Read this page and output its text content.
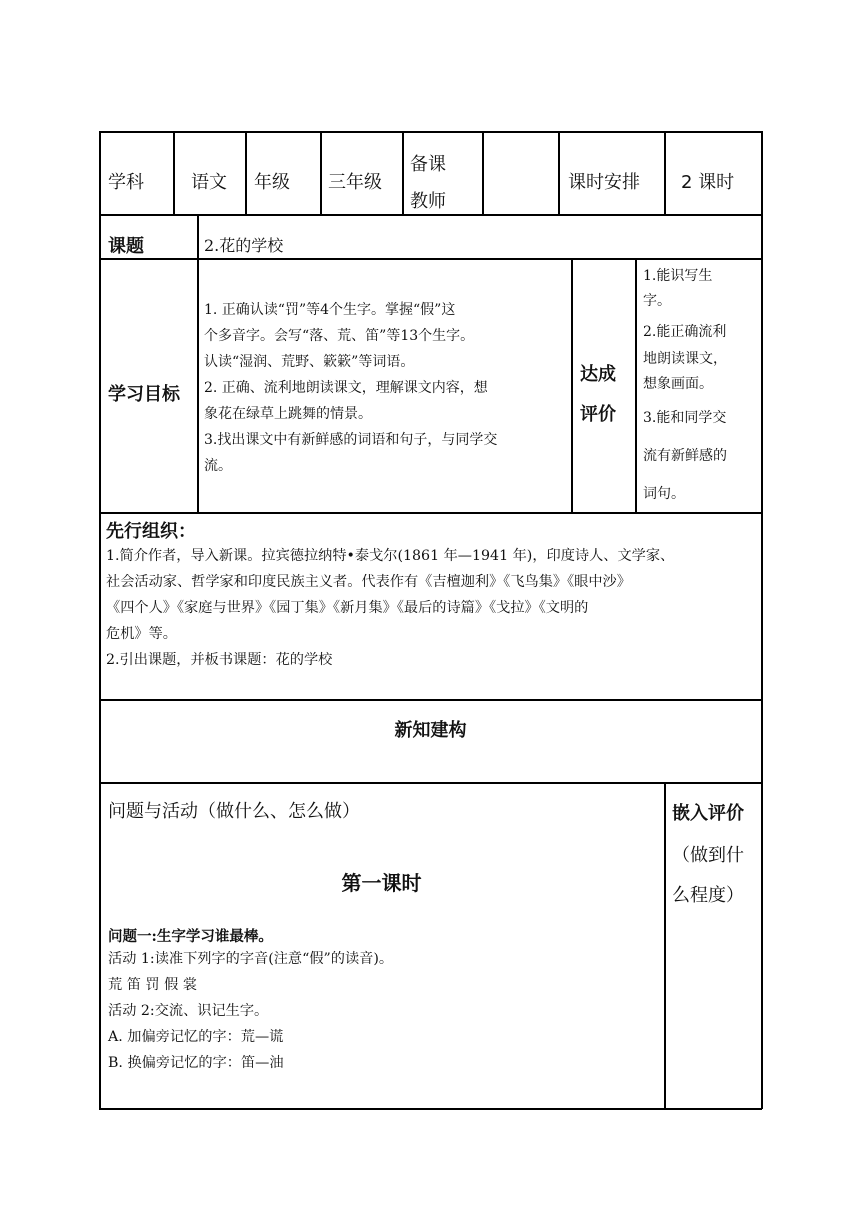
学科	语文 年级 三年级

备课

教师

课时安排 2 课时
课题	2.花的学校
学习目标

1. 正确认读“罚”等4个生字。掌握“假”这

个多音字。会写“落、荒、笛”等13个生字。

认读“湿润、荒野、簌簌”等词语。

2. 正确、流利地朗读课文，理解课文内容，想

象花在绿草上跳舞的情景。

3.找出课文中有新鲜感的词语和句子，与同学交

流。

达成

评价

1.能识写生

字。

2.能正确流利

地朗读课文，

想象画面。

3.能和同学交

流有新鲜感的

词句。

先行组织：

1.简介作者，导入新课。拉宾德拉纳特•泰戈尔(1861 年—1941 年)，印度诗人、文学家、

社会活动家、哲学家和印度民族主义者。代表作有《吉檀迦利》《飞鸟集》《眼中沙》

《四个人》《家庭与世界》《园丁集》《新月集》《最后的诗篇》《戈拉》《文明的

危机》等。

2.引出课题，并板书课题：花的学校

新知建构
问题与活动（做什么、怎么做）
第一课时
问题一:生字学习谁最棒。

活动 1:读准下列字的字音(注意“假”的读音)。

荒 笛 罚 假 裳

活动 2:交流、识记生字。

A. 加偏旁记忆的字：荒—谎

B. 换偏旁记忆的字：笛—油

嵌入评价

（做到什

么程度）
